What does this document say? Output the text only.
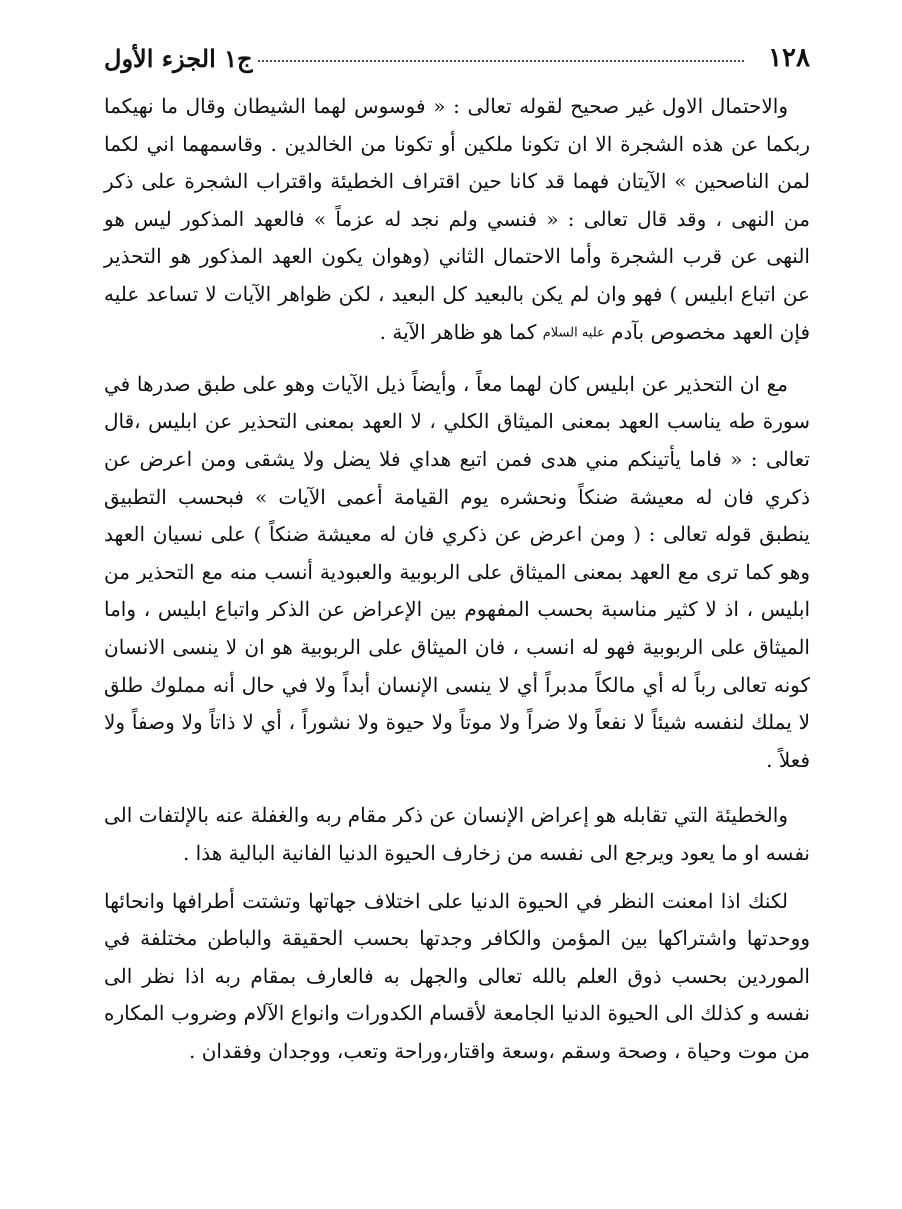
١٢٨
ج١ الجزء الأول

والاحتمال الاول غير صحيح لقوله تعالى : « فوسوس لهما الشيطان وقال ما نهيكما ربكما عن هذه الشجرة الا ان تكونا ملكين أو تكونا من الخالدين . وقاسمهما اني لكما لمن الناصحين » الآيتان فهما قد كانا حين اقتراف الخطيئة واقتراب الشجرة على ذكر من النهى ، وقد قال تعالى : « فنسي ولم نجد له عزماً » فالعهد المذكور ليس هو النهى عن قرب الشجرة وأما الاحتمال الثاني (وهوان يكون العهد المذكور هو التحذير عن اتباع ابليس ) فهو وان لم يكن بالبعيد كل البعيد ، لكن ظواهر الآيات لا تساعد عليه فإن العهد مخصوص بآدم عليه السلام كما هو ظاهر الآية .

مع ان التحذير عن ابليس كان لهما معاً ، وأيضاً ذيل الآيات وهو على طبق صدرها في سورة طه يناسب العهد بمعنى الميثاق الكلي ، لا العهد بمعنى التحذير عن ابليس ،قال تعالى : « فاما يأتينكم مني هدى فمن اتبع هداي فلا يضل ولا يشقى ومن اعرض عن ذكري فان له معيشة ضنكاً ونحشره يوم القيامة أعمى الآيات » فبحسب التطبيق ينطبق قوله تعالى : ( ومن اعرض عن ذكري فان له معيشة ضنكاً ) على نسيان العهد وهو كما ترى مع العهد بمعنى الميثاق على الربوبية والعبودية أنسب منه مع التحذير من ابليس ، اذ لا كثير مناسبة بحسب المفهوم بين الإعراض عن الذكر واتباع ابليس ، واما الميثاق على الربوبية فهو له انسب ، فان الميثاق على الربوبية هو ان لا ينسى الانسان كونه تعالى رباً له أي مالكاً مدبراً أي لا ينسى الإنسان أبداً ولا في حال أنه مملوك طلق لا يملك لنفسه شيئاً لا نفعاً ولا ضراً ولا موتاً ولا حيوة ولا نشوراً ، أي لا ذاتاً ولا وصفاً ولا فعلاً .

والخطيئة التي تقابله هو إعراض الإنسان عن ذكر مقام ربه والغفلة عنه بالإلتفات الى نفسه او ما يعود ويرجع الى نفسه من زخارف الحيوة الدنيا الفانية البالية هذا .

لكنك اذا امعنت النظر في الحيوة الدنيا على اختلاف جهاتها وتشتت أطرافها وانحائها ووحدتها واشتراكها بين المؤمن والكافر وجدتها بحسب الحقيقة والباطن مختلفة في الموردين بحسب ذوق العلم بالله تعالى والجهل به فالعارف بمقام ربه اذا نظر الى نفسه و كذلك الى الحيوة الدنيا الجامعة لأقسام الكدورات وانواع الآلام وضروب المكاره من موت وحياة ، وصحة وسقم ،وسعة واقتار،وراحة وتعب، ووجدان وفقدان .
